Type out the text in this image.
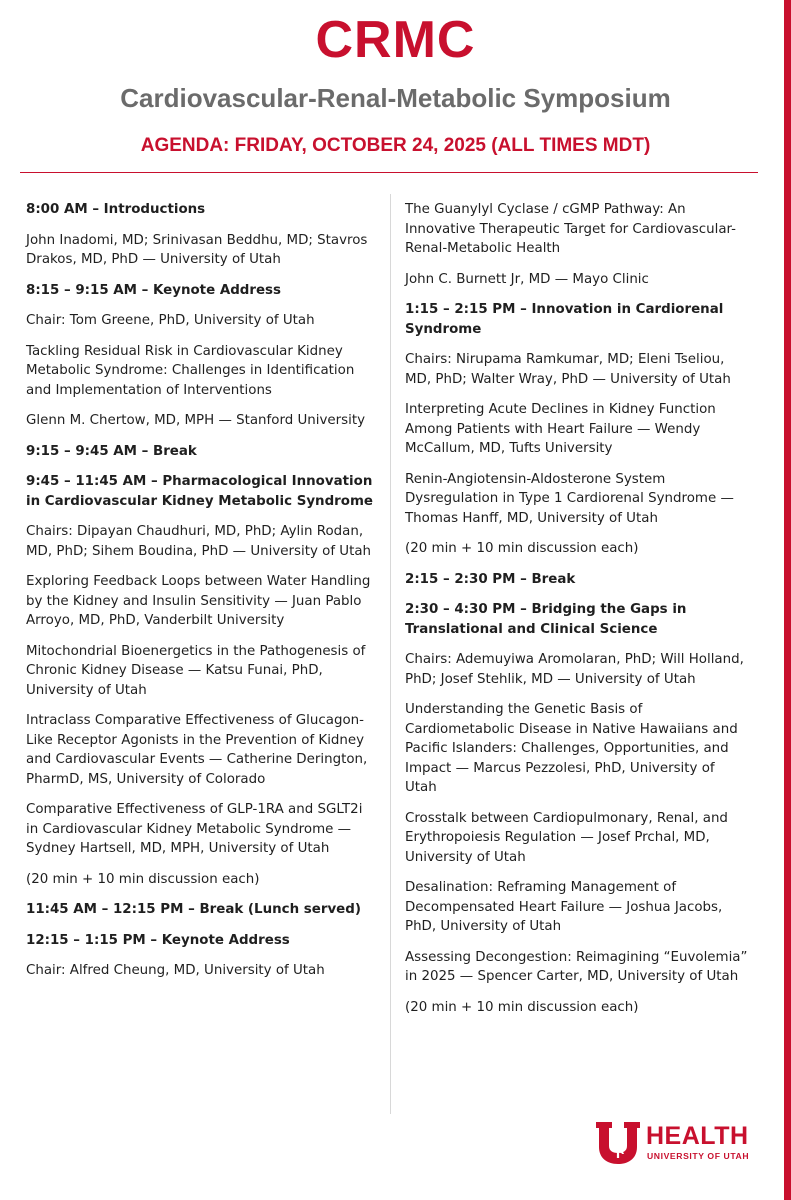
CRMC
Cardiovascular-Renal-Metabolic Symposium
AGENDA: FRIDAY, OCTOBER 24, 2025 (ALL TIMES MDT)

8:00 AM – Introductions

John Inadomi, MD; Srinivasan Beddhu, MD; Stavros Drakos, MD, PhD — University of Utah

8:15 – 9:15 AM – Keynote Address

Chair: Tom Greene, PhD, University of Utah

Tackling Residual Risk in Cardiovascular Kidney Metabolic Syndrome: Challenges in Identification and Implementation of Interventions

Glenn M. Chertow, MD, MPH — Stanford University

9:15 – 9:45 AM – Break

9:45 – 11:45 AM – Pharmacological Innovation in Cardiovascular Kidney Metabolic Syndrome

Chairs: Dipayan Chaudhuri, MD, PhD; Aylin Rodan, MD, PhD; Sihem Boudina, PhD — University of Utah

Exploring Feedback Loops between Water Handling by the Kidney and Insulin Sensitivity — Juan Pablo Arroyo, MD, PhD, Vanderbilt University

Mitochondrial Bioenergetics in the Pathogenesis of Chronic Kidney Disease — Katsu Funai, PhD, University of Utah

Intraclass Comparative Effectiveness of Glucagon-Like Receptor Agonists in the Prevention of Kidney and Cardiovascular Events — Catherine Derington, PharmD, MS, University of Colorado

Comparative Effectiveness of GLP-1RA and SGLT2i in Cardiovascular Kidney Metabolic Syndrome — Sydney Hartsell, MD, MPH, University of Utah

(20 min + 10 min discussion each)

11:45 AM – 12:15 PM – Break (Lunch served)

12:15 – 1:15 PM – Keynote Address

Chair: Alfred Cheung, MD, University of Utah

The Guanylyl Cyclase / cGMP Pathway: An Innovative Therapeutic Target for Cardiovascular-Renal-Metabolic Health

John C. Burnett Jr, MD — Mayo Clinic

1:15 – 2:15 PM – Innovation in Cardiorenal Syndrome

Chairs: Nirupama Ramkumar, MD; Eleni Tseliou, MD, PhD; Walter Wray, PhD — University of Utah

Interpreting Acute Declines in Kidney Function Among Patients with Heart Failure — Wendy McCallum, MD, Tufts University

Renin-Angiotensin-Aldosterone System Dysregulation in Type 1 Cardiorenal Syndrome — Thomas Hanff, MD, University of Utah

(20 min + 10 min discussion each)

2:15 – 2:30 PM – Break

2:30 – 4:30 PM – Bridging the Gaps in Translational and Clinical Science

Chairs: Ademuyiwa Aromolaran, PhD; Will Holland, PhD; Josef Stehlik, MD — University of Utah

Understanding the Genetic Basis of Cardiometabolic Disease in Native Hawaiians and Pacific Islanders: Challenges, Opportunities, and Impact — Marcus Pezzolesi, PhD, University of Utah

Crosstalk between Cardiopulmonary, Renal, and Erythropoiesis Regulation — Josef Prchal, MD, University of Utah

Desalination: Reframing Management of Decompensated Heart Failure — Joshua Jacobs, PhD, University of Utah

Assessing Decongestion: Reimagining “Euvolemia” in 2025 — Spencer Carter, MD, University of Utah

(20 min + 10 min discussion each)

HEALTH
UNIVERSITY OF UTAH
